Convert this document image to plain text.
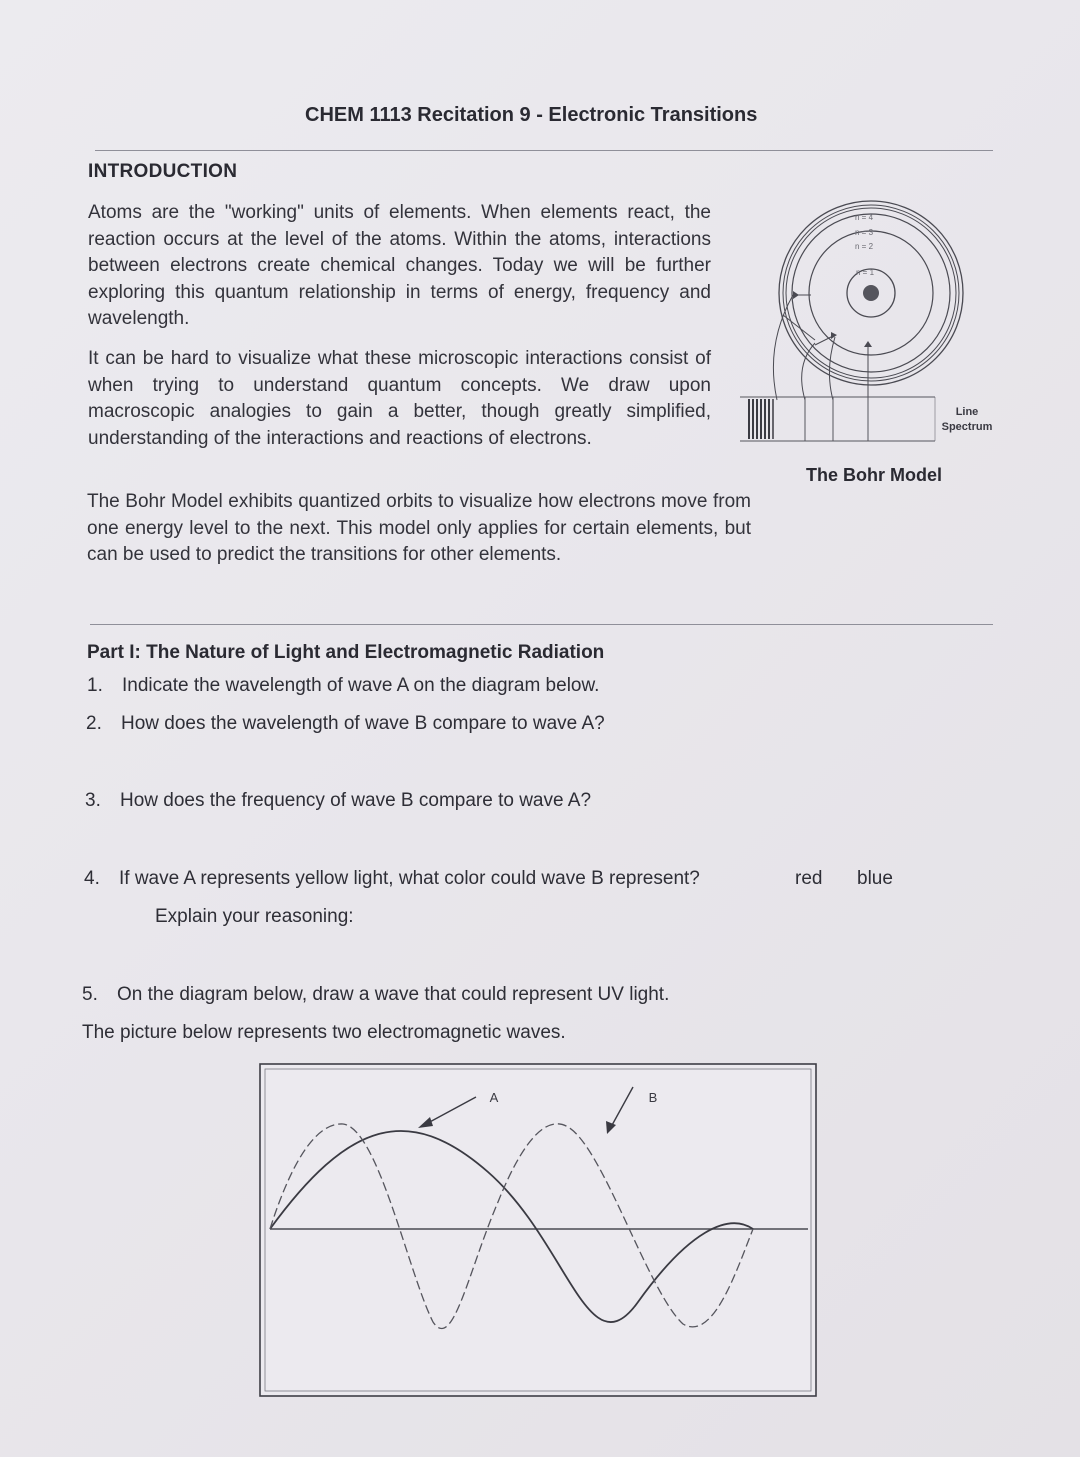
CHEM 1113 Recitation 9 - Electronic Transitions
INTRODUCTION
Atoms are the "working" units of elements. When elements react, the reaction occurs at the level of the atoms. Within the atoms, interactions between electrons create chemical changes. Today we will be further exploring this quantum relationship in terms of energy, frequency and wavelength.
It can be hard to visualize what these microscopic interactions consist of when trying to understand quantum concepts. We draw upon macroscopic analogies to gain a better, though greatly simplified, understanding of the interactions and reactions of electrons.
The Bohr Model exhibits quantized orbits to visualize how electrons move from one energy level to the next. This model only applies for certain elements, but can be used to predict the transitions for other elements.
n = 4
n = 3
n = 2
n = 1
Line
Spectrum
The Bohr Model
Part I: The Nature of Light and Electromagnetic Radiation
1. Indicate the wavelength of wave A on the diagram below.
2. How does the wavelength of wave B compare to wave A?
3. How does the frequency of wave B compare to wave A?
4. If wave A represents yellow light, what color could wave B represent?	red blue
Explain your reasoning:
5. On the diagram below, draw a wave that could represent UV light.
The picture below represents two electromagnetic waves.
A	B
